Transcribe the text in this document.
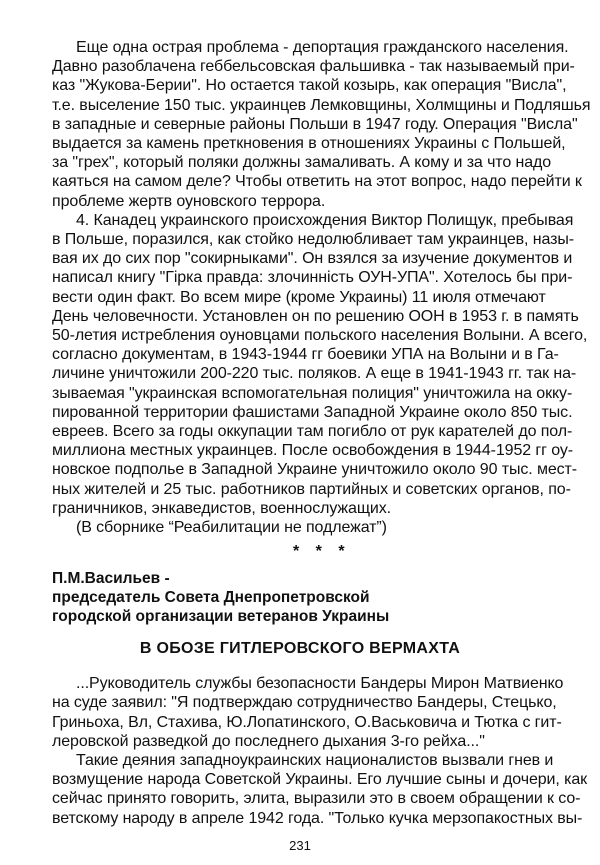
Еще одна острая проблема - депортация гражданского населения.
Давно разоблачена геббельсовская фальшивка - так называемый при-
каз "Жукова-Берии". Но остается такой козырь, как операция "Висла",
т.е. выселение 150 тыс. украинцев Лемковщины, Холмщины и Подляшья
в западные и северные районы Польши в 1947 году. Операция "Висла"
выдается за камень преткновения в отношениях Украины с Польшей,
за "грех", который поляки должны замаливать. А кому и за что надо
каяться на самом деле? Чтобы ответить на этот вопрос, надо перейти к
проблеме жертв оуновского террора.
4. Канадец украинского происхождения Виктор Полищук, пребывая
в Польше, поразился, как стойко недолюбливает там украинцев, назы-
вая их до сих пор "сокирныками". Он взялся за изучение документов и
написал книгу "Гірка правда: злочинність ОУН-УПА". Хотелось бы при-
вести один факт. Во всем мире (кроме Украины) 11 июля отмечают
День человечности. Установлен он по решению ООН в 1953 г. в память
50-летия истребления оуновцами польского населения Волыни. А всего,
согласно документам, в 1943-1944 гг боевики УПА на Волыни и в Га-
личине уничтожили 200-220 тыс. поляков. А еще в 1941-1943 гг. так на-
зываемая "украинская вспомогательная полиция" уничтожила на окку-
пированной территории фашистами Западной Украине около 850 тыс.
евреев. Всего за годы оккупации там погибло от рук карателей до пол-
миллиона местных украинцев. После освобождения в 1944-1952 гг оу-
новское подполье в Западной Украине уничтожило около 90 тыс. мест-
ных жителей и 25 тыс. работников партийных и советских органов, по-
граничников, энкаведистов, военнослужащих.
(В сборнике “Реабилитации не подлежат”)
* * *
П.М.Васильев -
председатель Совета Днепропетровской
городской организации ветеранов Украины
В ОБОЗЕ ГИТЛЕРОВСКОГО ВЕРМАХТА
...Руководитель службы безопасности Бандеры Мирон Матвиенко
на суде заявил: "Я подтверждаю сотрудничество Бандеры, Стецько,
Гриньоха, Вл, Стахива, Ю.Лопатинского, О.Васьковича и Тютка с гит-
леровской разведкой до последнего дыхания 3-го рейха..."
Такие деяния западноукраинских националистов вызвали гнев и
возмущение народа Советской Украины. Его лучшие сыны и дочери, как
сейчас принято говорить, элита, выразили это в своем обращении к со-
ветскому народу в апреле 1942 года. "Только кучка мерзопакостных вы-
231
